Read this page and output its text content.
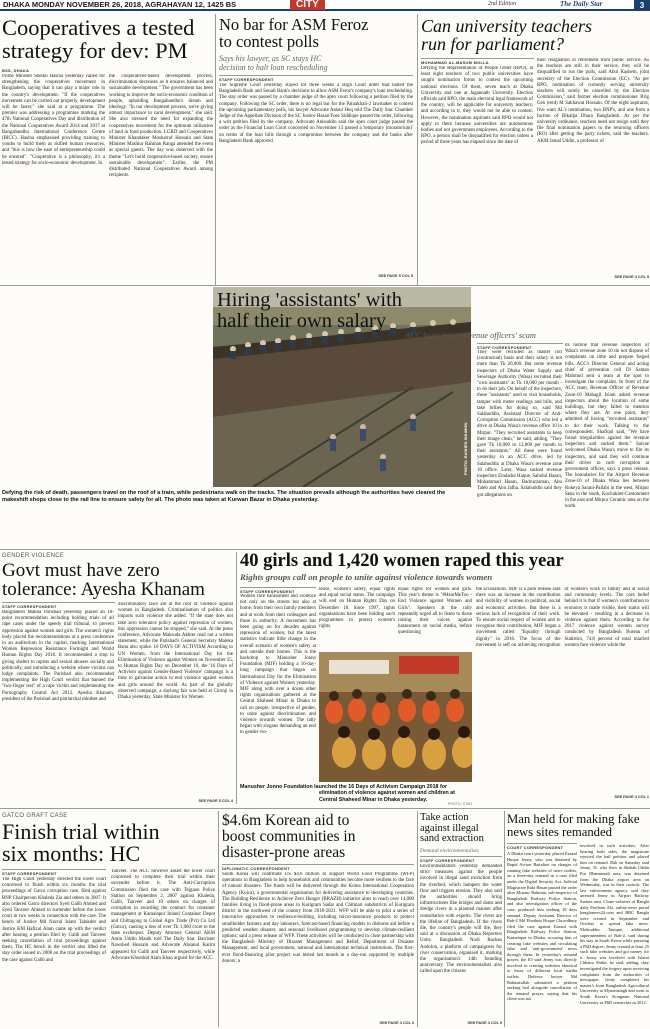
DHAKA MONDAY NOVEMBER 26, 2018, AGRAHAYAN 12, 1425 BS	CITY	2nd Edition	The Daily Star	3
Cooperatives a tested
strategy for dev: PM
BSS, DHAKA
Prime Minister Sheikh Hasina yesterday called for strengthening the cooperatives movement in Bangladesh, saying that it can play a major role in the country's development. "If the cooperatives movement can be carried out properly, development will be faster," she said at a programme. The premier was addressing a programme marking the 47th National Cooperatives Day and distribution of the National Cooperatives Award 2014 and 2017 at Bangabandhu International Conference Centre (BICC). Hasina emphasised providing training to youths to build them as skilled human resources, and "this is how the ease of entrepreneurship could be ensured". "Cooperative is a philosophy; it's a tested strategy for socio-economic development. In
the cooperatives-based development process, discrimination decreases as it ensures balanced and sustainable development." The government has been working to improve the socio-economic condition of people, upholding Bangabandhu's dream and ideology. "In our development process, we're giving utmost importance to rural development," she said. She also stressed the need for expanding the cooperatives movement for the optimum utilisation of land in food production. LGRD and Cooperatives Minister Khandaker Mosharraf Hossain and State Minister Mashiur Rahman Ranga attended the event as special guests. The day was observed with the theme "Let's build cooperative-based society, ensure sustainable development". Earlier, the PM distributed National Cooperatives Award among recipients.
No bar for ASM Feroz
to contest polls
Says his lawyer, as SC stays HC
decision to halt loan rescheduling
STAFF CORRESPONDENT
The Supreme Court yesterday stayed for three weeks a High Court order that halted the Bangladesh Bank and Sonali Bank's decisions to allow ASM Feroz's company's loan rescheduling. The stay order was passed by a chamber judge of the apex court following a petition filed by the company. Following the SC order, there is no legal bar for the Patuakhali-2 lawmaker to contest the upcoming parliamentary polls, his lawyer Advocate Anisul Huq told The Daily Star. Chamber Judge of the Appellate Division of the SC Justice Hasan Foez Siddique passed the order, following a writ petition filed by the company. Advocate Anisuddin said the apex court judge passed the order as the Financial Loan Court concerned on November 13 passed a 'temporary (moratorium)' on terms of the loan bills through a compromise between the company and the banks after Bangladesh Bank approved
SEE PAGE 5 COL 5
Can university teachers
run for parliament?
MOHAMMAD AL-MASUM MOLLA
Defying the Representation of People Order (RPO), at least eight teachers of two public universities have sought nomination forms to contest the upcoming national elections. Of them, seven teach at Dhaka University and one at Jagannath University. Election officials said RPO, the main electoral legal framework of the country, will be applicable for university teachers; and according to it, they would not be able to contest. However, the nomination aspirants said RPO would not apply to them because universities are autonomous bodies and not government employees. According to the RPO, a person shall be disqualified for election unless a period of three years has elapsed since the date of
their resignation or retirement from public service. As the teachers are still in their service, they will be disqualified to run the polls, said Abul Kashem, joint secretary of the Election Commission (EC). "As per RPO, nomination of currently serving university teachers will surely be cancelled by the Election Commission," said former election commissioner Brig Gen (retd) M Sakhawat Hossain. Of the eight aspirants, five want AL's nomination, two BNP's, and one from a faction of Bikalpa Dhara Bangladesh. As per the university ordinance, teachers need not resign until they file final nomination papers to the returning officers (RO) after getting the party tickets, said the teachers. AKM Jamal Uddin, a professor of
SEE PAGE 4 COL 5
PHOTO: RASHED SHUMON
Defying the risk of death, passengers travel on the roof of a train, while pedestrians walk on the tracks. The situation prevails although the authorities have cleared the makeshift shops close to the rail line to ensure safety for all. The photo was taken at Kurwan Bazar in Dhaka yesterday.
Hiring 'assistants' with
half their own salary
ACC busts Wasa revenue officers' scam
STAFF CORRESPONDENT
They were recruited as master roll (contractual) basis and their salary is not more than Tk 20,000. But some revenue inspectors of Dhaka Water Supply and Sewerage Authority (Wasa) recruited their "own assistants" at Tk 10,000 per month - to do their job. On behalf of the inspectors, these "assistants" used to visit households, tamper with meter readings and bills, and take bribes for doing so, said Md Salahuddin, Assistant Director of Anti-Corruption Commission (ACC) who led a drive at Dhaka Wasa's revenue office 10 in Mirpur. "They recruited assistants to keep their image clean," he said, adding, "They gave Tk 10,000 to 12,000 per month to their assistants." All these were found yesterday in an ACC drive, led by Salahuddin at Dhaka Wasa's revenue zone 10 office. Later, Wasa sacked revenue inspectors Emdadul Haque, Sahidul Hasan, Mohammad Hasan, Badruzzaman, Abu Taleb and Abu Jafha. Salahuddin said they got allegations on
its hotline that revenue inspectors of Wasa's revenue zone 10 do not dispose of complaints on time and prepare forged bills. ACC's Director General and acting chief of prevention cell Di Saman Mahmud sent a team at the spot to investigate the complaint. In front of the ACC team, Revenue Officer of Revenue Zone-10 Mahagil Islam asked revenue inspectors about the location of some buildings, but they failed to mention where they are. At one point, they admitted of having "recruited assistants" to do their work. Talking to the correspondent, Shafiqul said, "We have found irregularities against the revenue inspectors and sacked them." Salvae welcomed Dhaka Wasa's move to fire its inspectors, and said they will continue their drives to curb corruption at government offices, says a press release. The boundaries for the Airport Revenue Zone-10 of Dhaka Wasa lies between Rokeya Sarani-Pallabi in the west, Mirpur Sena in the south, Kochukhet-Cantonment in the east and Mirpur Ceramic area on the north.
GENDER VIOLENCE
Govt must have zero
tolerance: Ayesha Khanam
STAFF CORRESPONDENT
Bangladesh Mahila Parishad yesterday placed an 18-point recommendation including holding trials of all rape cases under the speedy trial tribunal, to prevent oppression against women and girls. The women's rights body placed the recommendations at a press conference in an auditorium in the capital, marking International Women Repression Resistance Fortnight and World Human Rights Day 2018. It recommended a stop to giving shelter to rapists and sexual abusers socially and politically, and introducing a website where victims can lodge complaints. The Parishad also recommended implementing the High Court verdict that banned the "two-finger test" of a rape victim and implementing the Pornography Control Act 2012. Ayesha Khanam, president of the Parishad and patriarchal mindset and
discriminatory laws are at the root of violence against women in Bangladesh. Criminalisation of politics also impacts such violence she added. "If the state does not take zero tolerance policy against repression of women, this oppression cannot be stopped," she said. At the press conference, Advocate Maksuda Akhter read out a written statement, while the Parishad's General Secretary Maleka Banu also spoke. 16 DAYS OF ACTIVISM According to UN Women, from the International Day for the Elimination of Violence against Women on November 25, to Human Rights Day on December 10, the '16 Days of Activism against Gender-Based Violence' campaign is a time to galvanise action to end violence against women and girls around the world. As part of the globally observed campaign, a daylong fair was held at Cironji in Dhaka yesterday. State Minister for Women
SEE PAGE 5 COL 4
40 girls and 1,420 women raped this year
Rights groups call on people to unite against violence towards women
STAFF CORRESPONDENT
Women face harassment and violence not only on the streets but also at home, from their own family members and at work from their colleagues and those in authority. A movement has been going on for decades against repression of women, but the latest statistics indicate little change in the overall scenario of women's safety at and outside their homes. This is the backdrop to Manusher Jonno Foundation (MJF) holding a 16-day-long campaign that began on International Day for the Elimination of Violence against Women yesterday. MJF along with over a dozen other rights organisations gathered at the Central Shaheed Minar in Dhaka to call on people, irrespective of gender, to unite against discrimination and violence towards women. The rally began with slogans demanding an end to gender vio-
lence, women's safety, equal rights and equal social status. The campaign will end on Human Rights Day on December 10. Since 1997, rights organisations have been holding such programmes to protect women's rights.
equal rights for women and girls. This year's theme is "#HearMeToo - End Violence against Women and Girls". Speakers at the rally repeatedly urged all to listen to those raising their voices against harassment on social media, before questioning
the accusations. MJF is a pure release said there was an increase in the contribution and visibility of women in political, social and economic activities. But there is a serious lack of recognition of their work. To ensure social respect of women and to recognise their contribution, MJF began a movement called "Equality through dignity" in 2016. The focus of the movement is self on achieving recognition of women's work in family and at social and community levels. The core belief behind it is that if women's contribution to economy is made visible, their status will be elevated - resulting in a decrease in violence against them. According to the 2017 violence against women survey conducted by Bangladesh Bureau of Statistics, 74.8 percent of total married women face violence while the
SEE PAGE 4 COL 1
Manusher Jonno Foundation launched the 16 Days of Activism Campaign 2018 for elimination of violence against women and children at Central Shaheed Minar in Dhaka yesterday.
PHOTO: STAR
GATCO GRAFT CASE
Finish trial within
six months: HC
STAFF CORRESPONDENT
The High Court yesterday directed the lower court concerned to finish within six months the trial proceedings of Gatco corruption case, filed against BNP Chairperson Khaleda Zia and others in 2007. It also ordered Gatco directors Syed Galib Ahmed and Syed Tanveer Ahmed to surrender before the lower court in two weeks in connection with the case. The bench of Justice Md Nazrul Islam Talukder and Justice KM Hafizul Alam came up with the verdict after hearing a petition filed by Galib and Tanveer seeking cancellation of trial proceedings against them. The HC bench in the verdict also lifted the stay order issued in 2008 on the trial proceedings of the case against Galib and
Tanveer. The ACC however asked the lower court concerned to complete their trial within their surrender before it. The Anti-Corruption Commission filed the case with Tejgaon Police Station on September 2, 2007 against Khaleda, Galib, Tanveer and 10 others on charges of corruption in awarding the contract for container management at Kamalapur Inland Container Depot and Chittagong to Global Agro Trade (Pvt) Co Ltd (Gatco), causing a loss of over Tk 1,000 crore to the state exchequer. Deputy Attorney General AKM Amin Uddin Manik told The Daily Star. Barrister Nawshed Hossain and Advocate Ahsanul Karim appeared for Galib and Tanveer respectively, while Advocate Khurshid Alam Khan argued for the ACC.
$4.6m Korean aid to
boost communities in
disaster-prone areas
DIPLOMATIC CORRESPONDENT
South Korea will contribute US $4.6 million to support World Food Programme (WFP) operations in Bangladesh to help households and communities become more resilient to the face of natural disasters. The funds will be delivered through the Korea International Cooperation Agency (Koica), a governmental organisation for delivering assistance to developing countries. The Building Resilience to Achieve Zero Hunger (BRAZH) initiative aims to reach over 14,000 families living in flood-prone areas in Kurigram Sadar and Chilmari subdistricts of Kurigram district in the northwest of the country from 2018-2021. WFP will be able to pilot a series of innovative approaches to resilience-building, including micro-insurance products to protect smallholder farmers and day labourers, forecast-based financing models to disburse aid before a predicted weather disaster, and seasonal livelihood programming to develop climate-resilient options; said a press release of WFP. These activities will be conducted in close partnership with the Bangladesh Ministry of Disaster Management and Relief, Department of Disaster Management, and local government, national and international technical institutions. The first-ever flood-financing pilot project was tested last month in a day-run supported by multiple donors: a
SEE PAGE 4 COL 3
Take action
against illegal
sand extraction
Demand environmentalists
STAFF CORRESPONDENT
Environmentalists yesterday demanded strict measures against the people involved in illegal sand extraction from the riverbed, which hampers the water flow and triggers erosion. They also said the authorities should bring infrastructures like bridges and dams and dredge rivers in a planned manner after consultation with experts. The rivers are the lifeline of Bangladesh. If the rivers die, the country's people will die, they said at a discussion at Dhaka Reporters Unity. Bangladesh Nodi Bachao Andolon, a platform of campaigners for river conservation, organised it, marking the organisation's 14th founding anniversary. The environmentalists also called upon the citizens
SEE PAGE 4 COL 5
Man held for making fake
news sites remanded
COURT CORRESPONDENT
A Dhaka court yesterday placed Ezazul Huque Jeony, who was detained by Rapid Action Battalion on charges of running fake websites of news outlets, on a three-day remand in a case filed under the Digital Security Act. Judicial Magistrate Rabi Hasan passed the order after Mosaur Rahman, sub-inspector of Bangladesh Railway Police Station, and also investigation officer of the case, produced him seeking 10 days remand. Deputy Assistant Director of Rab-2 Md Ebrahim Hoque Chowdhury filed the case against Ezazul with Bangladesh Railway Police Station, Kamalapur in Dhaka, accusing him of creating fake websites and circulating false and 'anti-government' news through them. In yesterday's remand prayer, the IO said Jeony was directly involved in creating websites identical to those of different local media outlets. Defence lawyer Md Rahmatullah submitted a petition seeking bail alongside cancellation of the remand prayer, saying that his client was not
involved in such activities. After hearing both sides, the magistrate rejected the bail petition and placed him on remand. Bab on Saturday said Jeony, 31, who lives in Shahab Uddin Pur Dhanmondi area, was detained from the Dhaka airport area on Wednesday, was in their custody. The law enforcement agency said they arrested Jeony in Airport Railway Station area. Clone websites of Bangla daily Prothom Alo, online news portal banglanews24.com and BBC Bangla were created in September and October to spread fake news. Mohiuddin Tanique, additional superintendent of Rab-2, said during his stay in South Korea while pursuing a PhD degree, Jeony created at least 25 such fake websites and got money for it. Jeony was involved with Islami Chhatra Shibir, he said, adding, they investigated the forgery upon receiving complaints from the authorities of newspaper. Jeony completed his master's from Bangladesh Agricultural University at Mymensingh and went to South Korea's Kongnam National University as PhD researcher in 2012.
